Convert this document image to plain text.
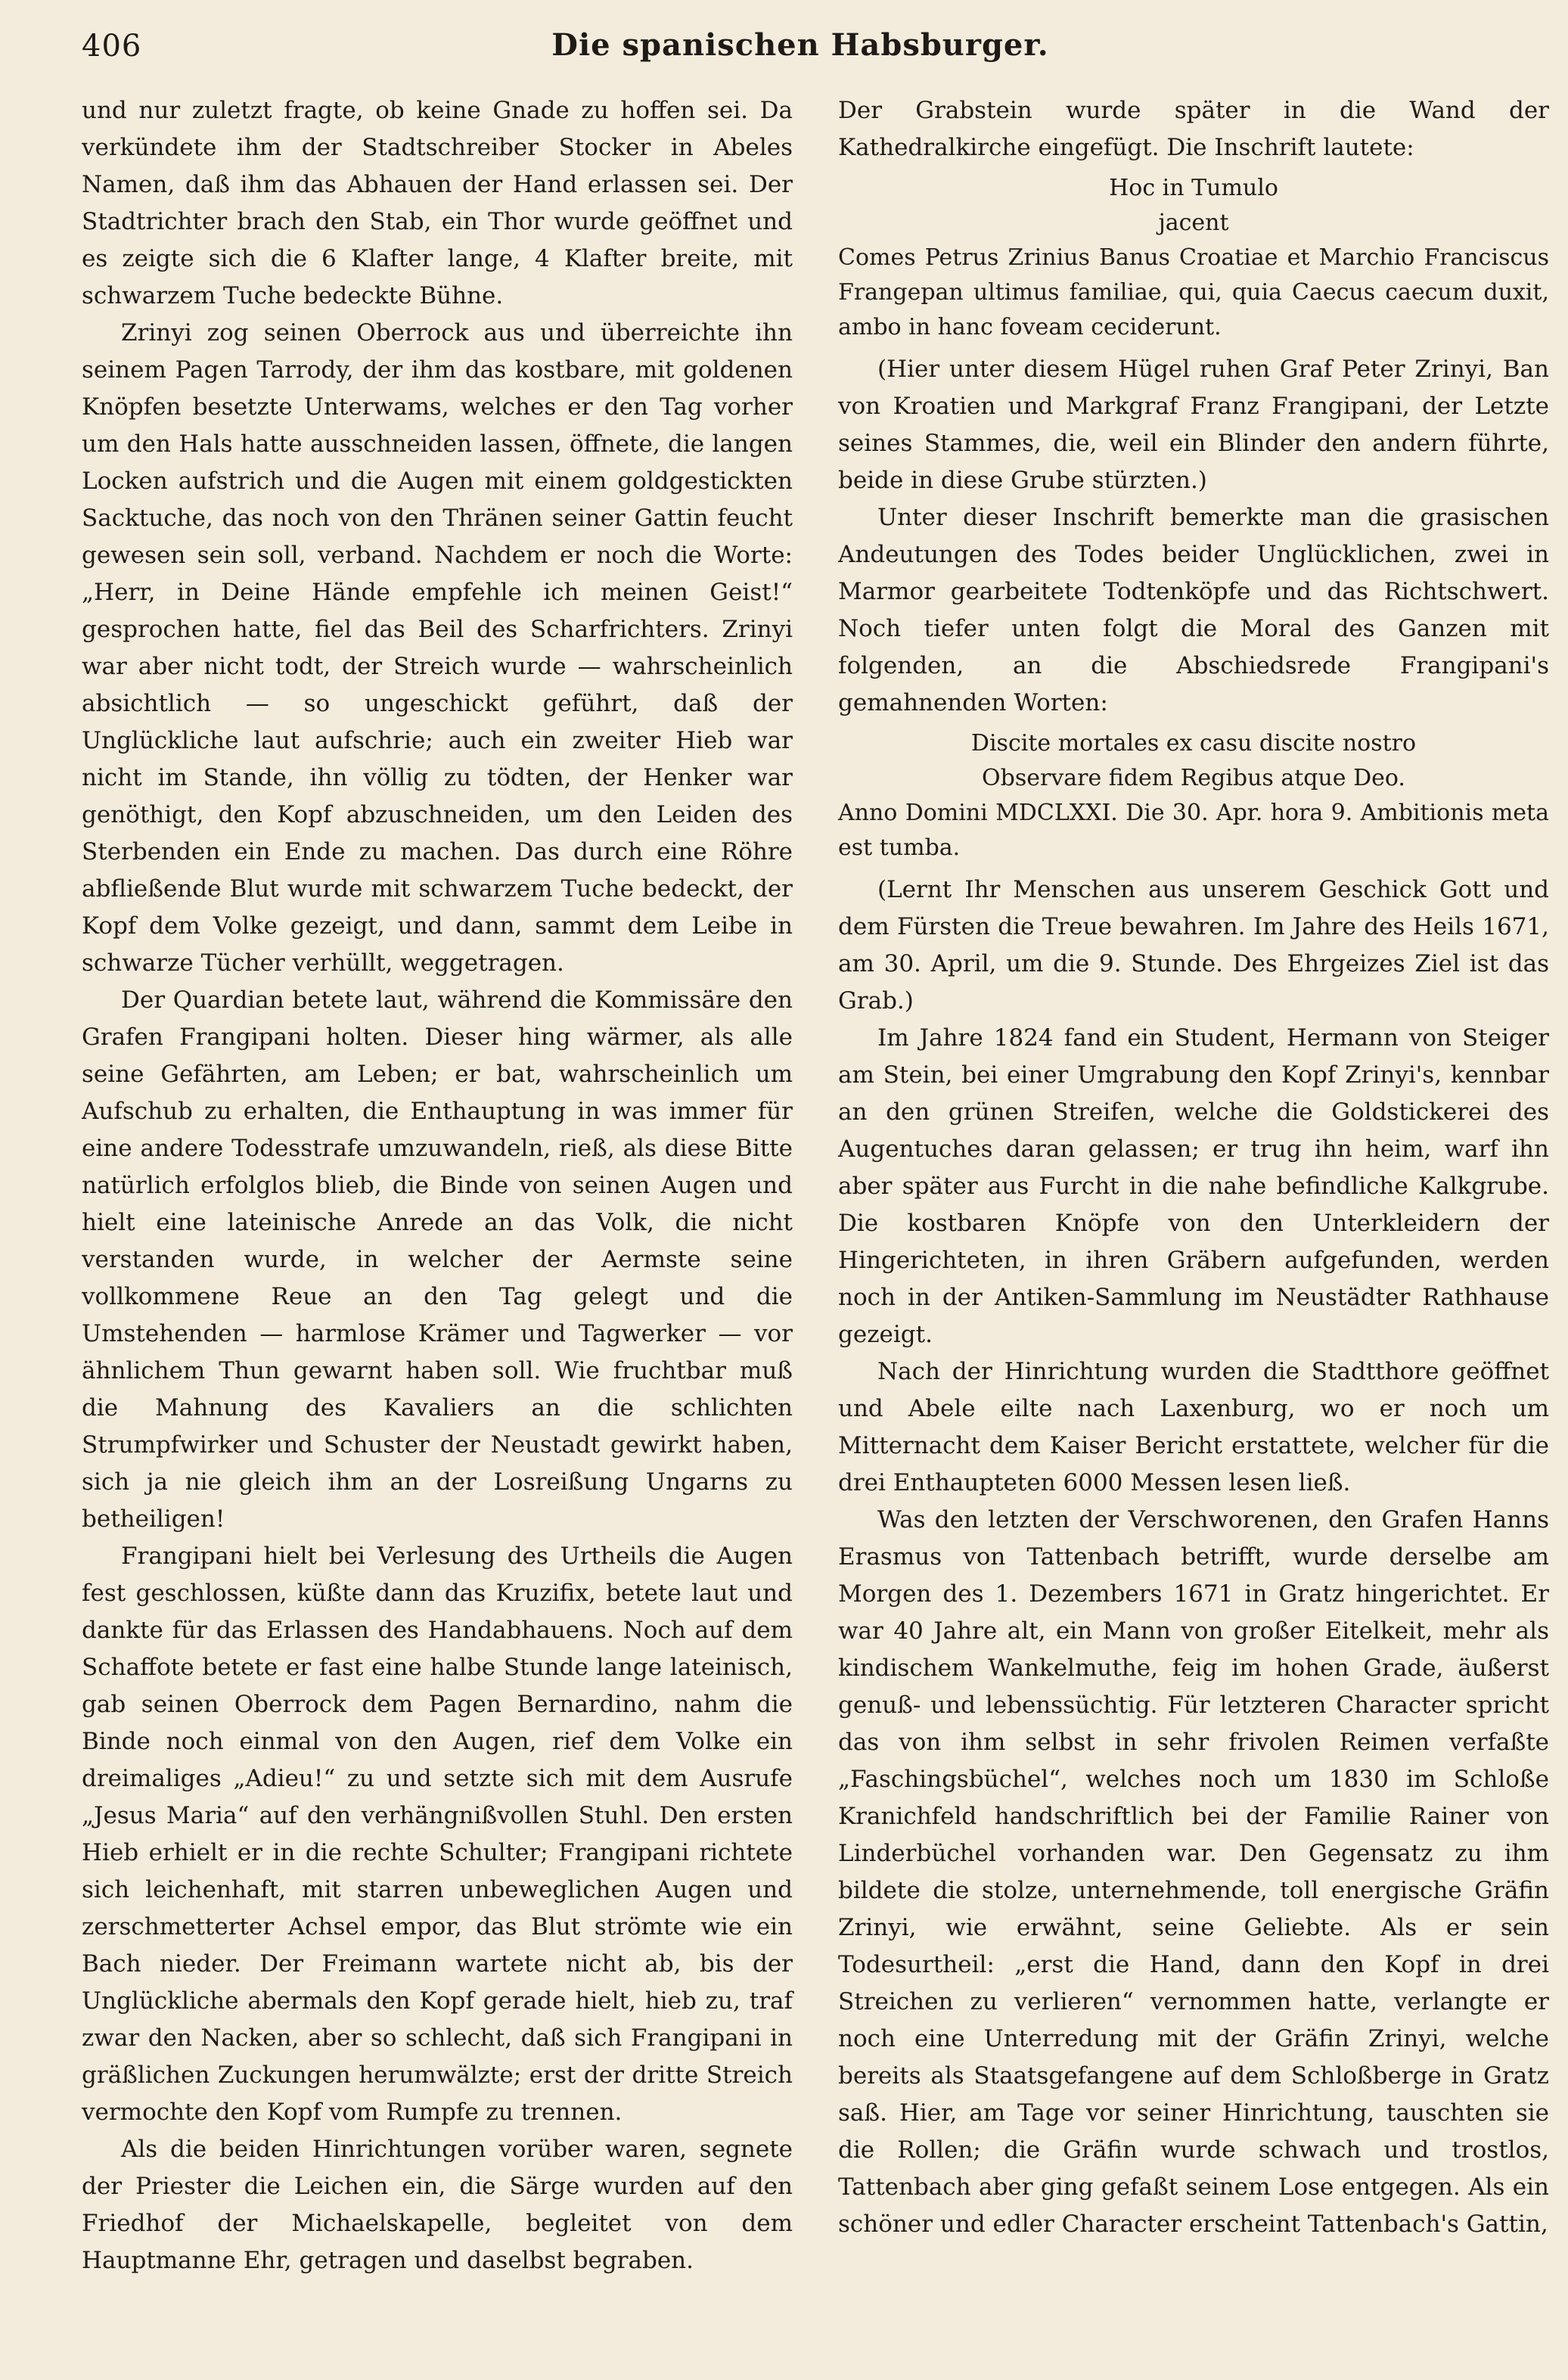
406	Die spanischen Habsburger.

und nur zuletzt fragte, ob keine Gnade zu hoffen sei. Da verkündete ihm der Stadtschreiber Stocker in Abeles Namen, daß ihm das Abhauen der Hand erlassen sei. Der Stadtrichter brach den Stab, ein Thor wurde geöffnet und es zeigte sich die 6 Klafter lange, 4 Klafter breite, mit schwarzem Tuche bedeckte Bühne.

Zrinyi zog seinen Oberrock aus und überreichte ihn seinem Pagen Tarrody, der ihm das kostbare, mit goldenen Knöpfen besetzte Unterwams, welches er den Tag vorher um den Hals hatte ausschneiden lassen, öffnete, die langen Locken aufstrich und die Augen mit einem goldgestickten Sacktuche, das noch von den Thränen seiner Gattin feucht gewesen sein soll, verband. Nachdem er noch die Worte: „Herr, in Deine Hände empfehle ich meinen Geist!“ gesprochen hatte, fiel das Beil des Scharfrichters. Zrinyi war aber nicht todt, der Streich wurde — wahrscheinlich absichtlich — so ungeschickt geführt, daß der Unglückliche laut aufschrie; auch ein zweiter Hieb war nicht im Stande, ihn völlig zu tödten, der Henker war genöthigt, den Kopf abzuschneiden, um den Leiden des Sterbenden ein Ende zu machen. Das durch eine Röhre abfließende Blut wurde mit schwarzem Tuche bedeckt, der Kopf dem Volke gezeigt, und dann, sammt dem Leibe in schwarze Tücher verhüllt, weggetragen.

Der Quardian betete laut, während die Kommissäre den Grafen Frangipani holten. Dieser hing wärmer, als alle seine Gefährten, am Leben; er bat, wahrscheinlich um Aufschub zu erhalten, die Enthauptung in was immer für eine andere Todesstrafe umzuwandeln, rieß, als diese Bitte natürlich erfolglos blieb, die Binde von seinen Augen und hielt eine lateinische Anrede an das Volk, die nicht verstanden wurde, in welcher der Aermste seine vollkommene Reue an den Tag gelegt und die Umstehenden — harmlose Krämer und Tagwerker — vor ähnlichem Thun gewarnt haben soll. Wie fruchtbar muß die Mahnung des Kavaliers an die schlichten Strumpfwirker und Schuster der Neustadt gewirkt haben, sich ja nie gleich ihm an der Losreißung Ungarns zu betheiligen!

Frangipani hielt bei Verlesung des Urtheils die Augen fest geschlossen, küßte dann das Kruzifix, betete laut und dankte für das Erlassen des Handabhauens. Noch auf dem Schaffote betete er fast eine halbe Stunde lange lateinisch, gab seinen Oberrock dem Pagen Bernardino, nahm die Binde noch einmal von den Augen, rief dem Volke ein dreimaliges „Adieu!“ zu und setzte sich mit dem Ausrufe „Jesus Maria“ auf den verhängnißvollen Stuhl. Den ersten Hieb erhielt er in die rechte Schulter; Frangipani richtete sich leichenhaft, mit starren unbeweglichen Augen und zerschmetterter Achsel empor, das Blut strömte wie ein Bach nieder. Der Freimann wartete nicht ab, bis der Unglückliche abermals den Kopf gerade hielt, hieb zu, traf zwar den Nacken, aber so schlecht, daß sich Frangipani in gräßlichen Zuckungen herumwälzte; erst der dritte Streich vermochte den Kopf vom Rumpfe zu trennen.

Als die beiden Hinrichtungen vorüber waren, segnete der Priester die Leichen ein, die Särge wurden auf den Friedhof der Michaelskapelle, begleitet von dem Hauptmanne Ehr, getragen und daselbst begraben.

Der Grabstein wurde später in die Wand der Kathedralkirche eingefügt. Die Inschrift lautete:

Hoc in Tumulo
jacent
Comes Petrus Zrinius Banus Croatiae et Marchio Franciscus Frangepan ultimus familiae, qui, quia Caecus caecum duxit, ambo in hanc foveam ceciderunt.

(Hier unter diesem Hügel ruhen Graf Peter Zrinyi, Ban von Kroatien und Markgraf Franz Frangipani, der Letzte seines Stammes, die, weil ein Blinder den andern führte, beide in diese Grube stürzten.)

Unter dieser Inschrift bemerkte man die grasischen Andeutungen des Todes beider Unglücklichen, zwei in Marmor gearbeitete Todtenköpfe und das Richtschwert. Noch tiefer unten folgt die Moral des Ganzen mit folgenden, an die Abschiedsrede Frangipani's gemahnenden Worten:

Discite mortales ex casu discite nostro
Observare fidem Regibus atque Deo.
Anno Domini MDCLXXI. Die 30. Apr. hora 9. Ambitionis meta est tumba.

(Lernt Ihr Menschen aus unserem Geschick Gott und dem Fürsten die Treue bewahren. Im Jahre des Heils 1671, am 30. April, um die 9. Stunde. Des Ehrgeizes Ziel ist das Grab.)

Im Jahre 1824 fand ein Student, Hermann von Steiger am Stein, bei einer Umgrabung den Kopf Zrinyi's, kennbar an den grünen Streifen, welche die Goldstickerei des Augentuches daran gelassen; er trug ihn heim, warf ihn aber später aus Furcht in die nahe befindliche Kalkgrube. Die kostbaren Knöpfe von den Unterkleidern der Hingerichteten, in ihren Gräbern aufgefunden, werden noch in der Antiken-Sammlung im Neustädter Rathhause gezeigt.

Nach der Hinrichtung wurden die Stadtthore geöffnet und Abele eilte nach Laxenburg, wo er noch um Mitternacht dem Kaiser Bericht erstattete, welcher für die drei Enthaupteten 6000 Messen lesen ließ.

Was den letzten der Verschworenen, den Grafen Hanns Erasmus von Tattenbach betrifft, wurde derselbe am Morgen des 1. Dezembers 1671 in Gratz hingerichtet. Er war 40 Jahre alt, ein Mann von großer Eitelkeit, mehr als kindischem Wankelmuthe, feig im hohen Grade, äußerst genuß- und lebenssüchtig. Für letzteren Character spricht das von ihm selbst in sehr frivolen Reimen verfaßte „Faschingsbüchel“, welches noch um 1830 im Schloße Kranichfeld handschriftlich bei der Familie Rainer von Linderbüchel vorhanden war. Den Gegensatz zu ihm bildete die stolze, unternehmende, toll energische Gräfin Zrinyi, wie erwähnt, seine Geliebte. Als er sein Todesurtheil: „erst die Hand, dann den Kopf in drei Streichen zu verlieren“ vernommen hatte, verlangte er noch eine Unterredung mit der Gräfin Zrinyi, welche bereits als Staatsgefangene auf dem Schloßberge in Gratz saß. Hier, am Tage vor seiner Hinrichtung, tauschten sie die Rollen; die Gräfin wurde schwach und trostlos, Tattenbach aber ging gefaßt seinem Lose entgegen. Als ein schöner und edler Character erscheint Tattenbach's Gattin,
